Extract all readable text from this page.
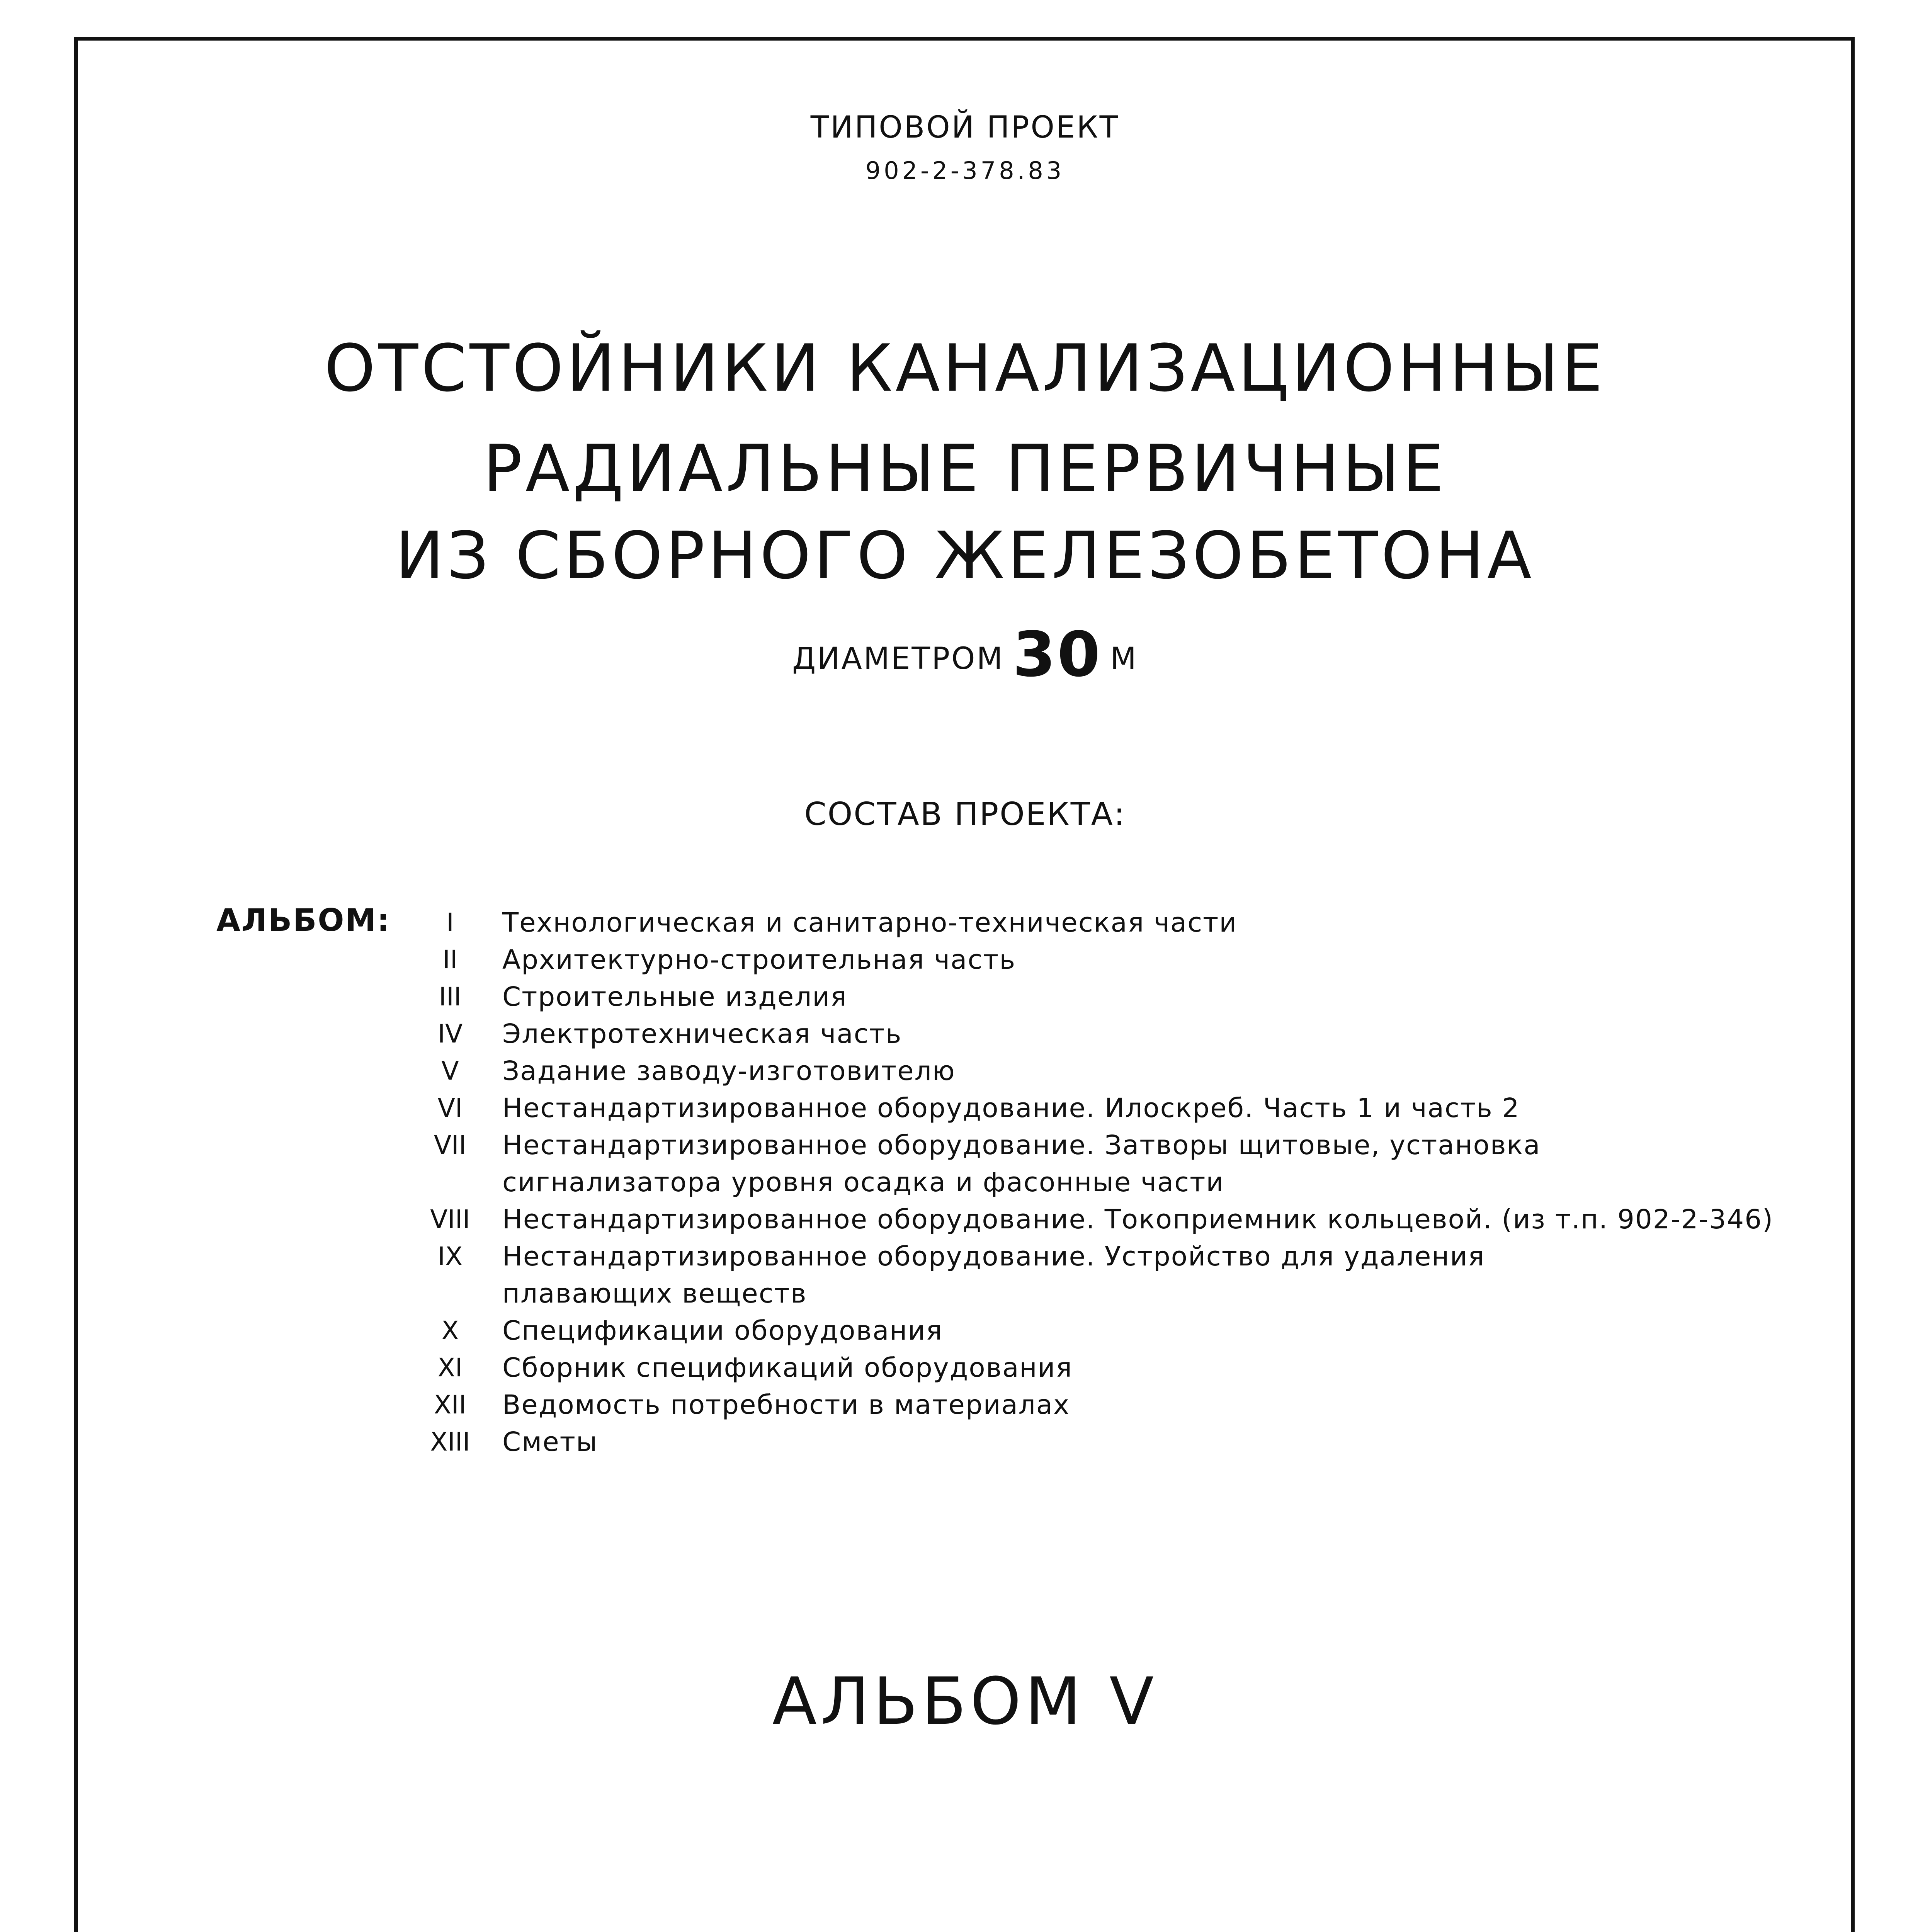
ТИПОВОЙ ПРОЕКТ
902-2-378.83
ОТСТОЙНИКИ КАНАЛИЗАЦИОННЫЕ
РАДИАЛЬНЫЕ ПЕРВИЧНЫЕ
ИЗ СБОРНОГО ЖЕЛЕЗОБЕТОНА
ДИАМЕТРОМ 30 М
СОСТАВ ПРОЕКТА:
АЛЬБОМ:	I	Технологическая и санитарно-техническая части
II	Архитектурно-строительная часть
III	Строительные изделия
IV	Электротехническая часть
V	Задание заводу-изготовителю
VI	Нестандартизированное оборудование. Илоскреб. Часть 1 и часть 2
VII	Нестандартизированное оборудование. Затворы щитовые, установка
сигнализатора уровня осадка и фасонные части
VIII	Нестандартизированное оборудование. Токоприемник кольцевой. (из т.п. 902-2-346)
IX	Нестандартизированное оборудование. Устройство для удаления
плавающих веществ
X	Спецификации оборудования
XI	Сборник спецификаций оборудования
XII	Ведомость потребности в материалах
XIII	Сметы
АЛЬБОМ V
